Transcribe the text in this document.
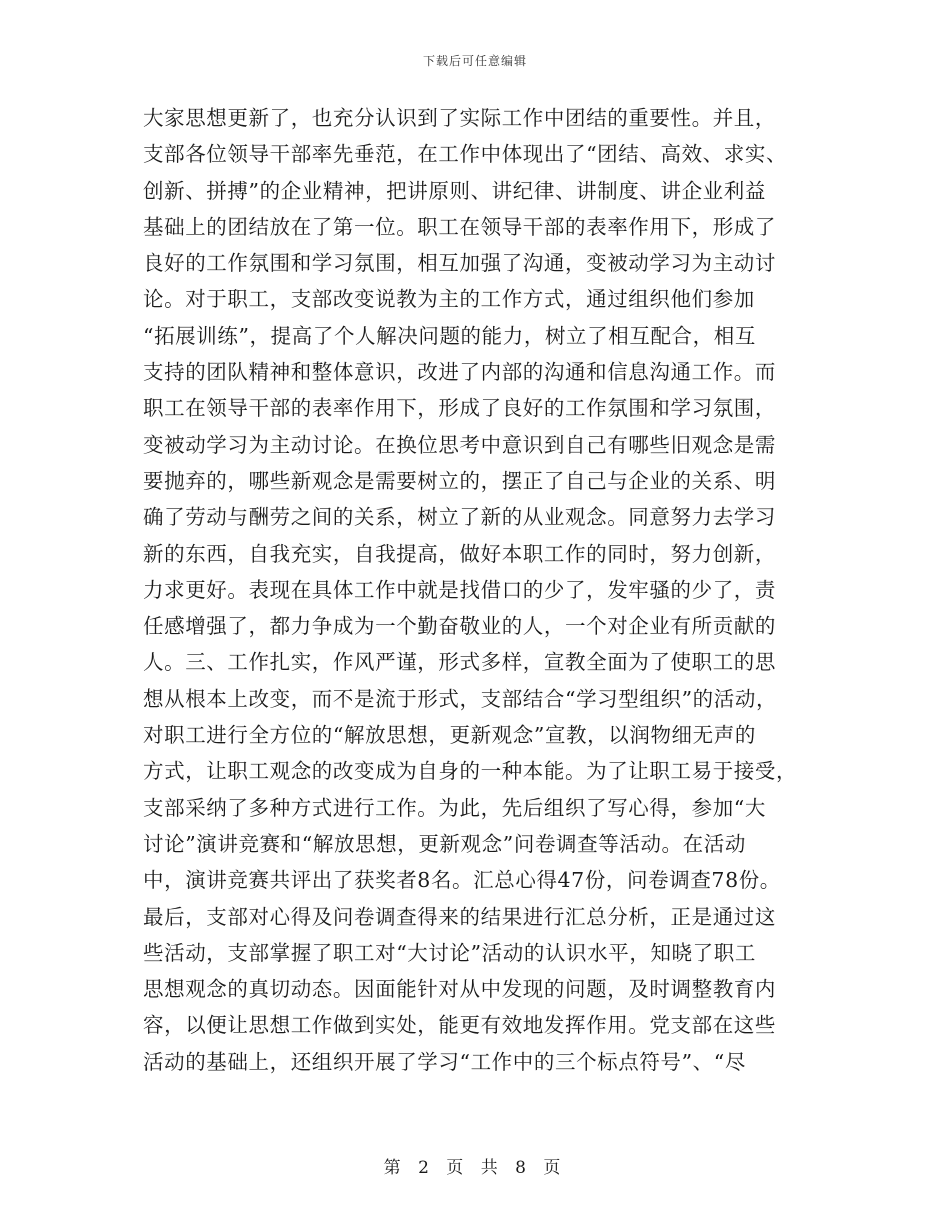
下载后可任意编辑
大家思想更新了，也充分认识到了实际工作中团结的重要性。并且，
支部各位领导干部率先垂范，在工作中体现出了“团结、高效、求实、
创新、拼搏”的企业精神，把讲原则、讲纪律、讲制度、讲企业利益
基础上的团结放在了第一位。职工在领导干部的表率作用下，形成了
良好的工作氛围和学习氛围，相互加强了沟通，变被动学习为主动讨
论。对于职工，支部改变说教为主的工作方式，通过组织他们参加
“拓展训练”，提高了个人解决问题的能力，树立了相互配合，相互
支持的团队精神和整体意识，改进了内部的沟通和信息沟通工作。而
职工在领导干部的表率作用下，形成了良好的工作氛围和学习氛围，
变被动学习为主动讨论。在换位思考中意识到自己有哪些旧观念是需
要抛弃的，哪些新观念是需要树立的，摆正了自己与企业的关系、明
确了劳动与酬劳之间的关系，树立了新的从业观念。同意努力去学习
新的东西，自我充实，自我提高，做好本职工作的同时，努力创新，
力求更好。表现在具体工作中就是找借口的少了，发牢骚的少了，责
任感增强了，都力争成为一个勤奋敬业的人，一个对企业有所贡献的
人。三、工作扎实，作风严谨，形式多样，宣教全面为了使职工的思
想从根本上改变，而不是流于形式，支部结合“学习型组织”的活动，
对职工进行全方位的“解放思想，更新观念”宣教，以润物细无声的
方式，让职工观念的改变成为自身的一种本能。为了让职工易于接受，
支部采纳了多种方式进行工作。为此，先后组织了写心得，参加“大
讨论”演讲竞赛和“解放思想，更新观念”问卷调查等活动。在活动
中，演讲竞赛共评出了获奖者8名。汇总心得47份，问卷调查78份。
最后，支部对心得及问卷调查得来的结果进行汇总分析，正是通过这
些活动，支部掌握了职工对“大讨论”活动的认识水平，知晓了职工
思想观念的真切动态。因面能针对从中发现的问题，及时调整教育内
容，以便让思想工作做到实处，能更有效地发挥作用。党支部在这些
活动的基础上，还组织开展了学习“工作中的三个标点符号”、“尽
第 2 页 共 8 页
